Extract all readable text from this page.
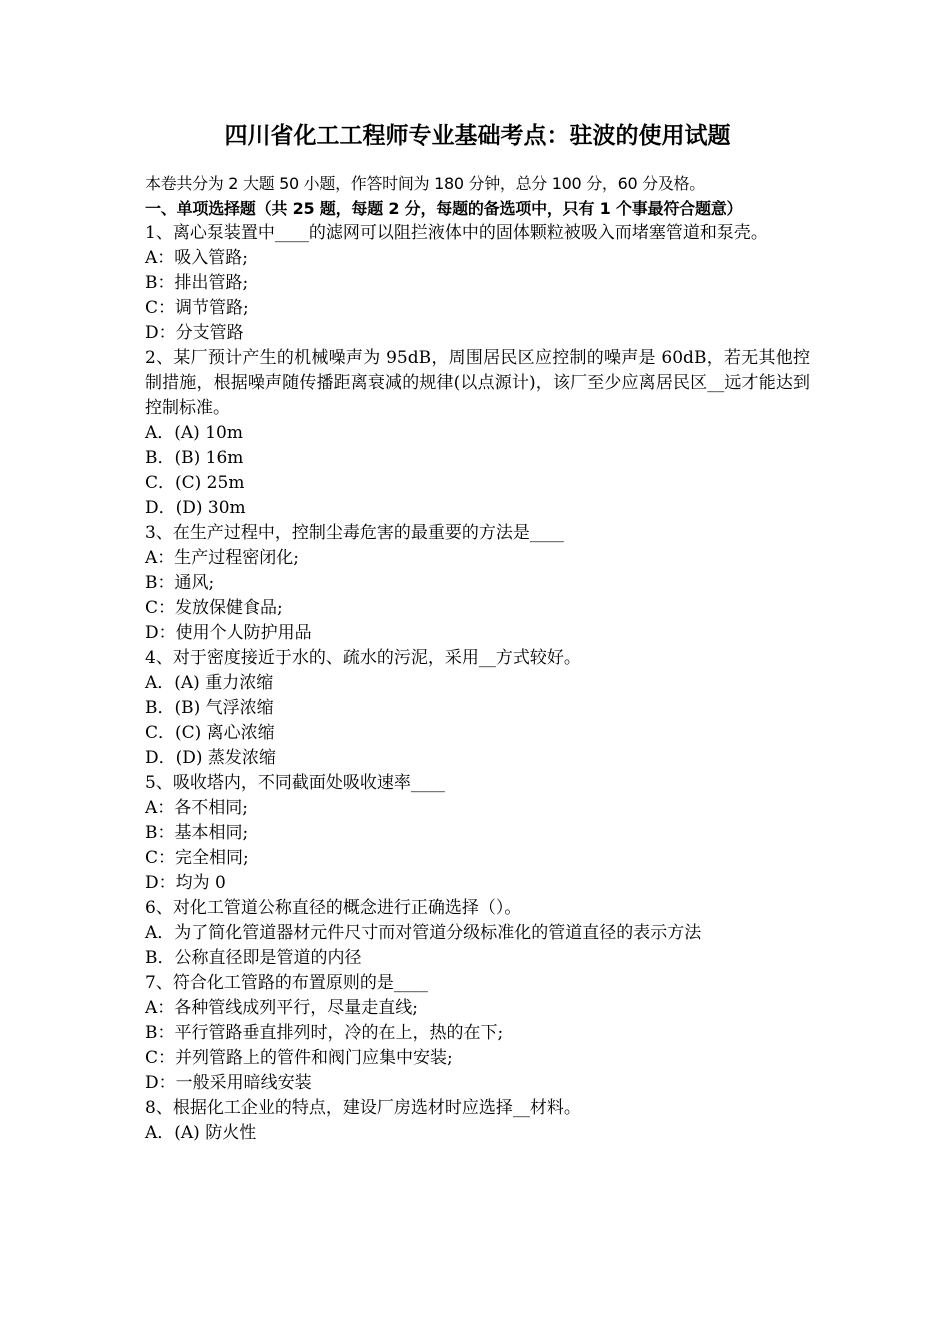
四川省化工工程师专业基础考点：驻波的使用试题
本卷共分为 2 大题 50 小题，作答时间为 180 分钟，总分 100 分，60 分及格。
一、单项选择题（共 25 题，每题 2 分，每题的备选项中，只有 1 个事最符合题意）
1、离心泵装置中____的滤网可以阻拦液体中的固体颗粒被吸入而堵塞管道和泵壳。
A：吸入管路;
B：排出管路;
C：调节管路;
D：分支管路
2、某厂预计产生的机械噪声为 95dB，周围居民区应控制的噪声是 60dB，若无其他控制措施，根据噪声随传播距离衰减的规律(以点源计)，该厂至少应离居民区__远才能达到控制标准。
A．(A) 10m
B．(B) 16m
C．(C) 25m
D．(D) 30m
3、在生产过程中，控制尘毒危害的最重要的方法是____
A：生产过程密闭化;
B：通风;
C：发放保健食品;
D：使用个人防护用品
4、对于密度接近于水的、疏水的污泥，采用__方式较好。
A．(A) 重力浓缩
B．(B) 气浮浓缩
C．(C) 离心浓缩
D．(D) 蒸发浓缩
5、吸收塔内，不同截面处吸收速率____
A：各不相同;
B：基本相同;
C：完全相同;
D：均为 0
6、对化工管道公称直径的概念进行正确选择（）。
A．为了简化管道器材元件尺寸而对管道分级标准化的管道直径的表示方法
B．公称直径即是管道的内径
7、符合化工管路的布置原则的是____
A：各种管线成列平行，尽量走直线;
B：平行管路垂直排列时，冷的在上，热的在下;
C：并列管路上的管件和阀门应集中安装;
D：一般采用暗线安装
8、根据化工企业的特点，建设厂房选材时应选择__材料。
A．(A) 防火性
